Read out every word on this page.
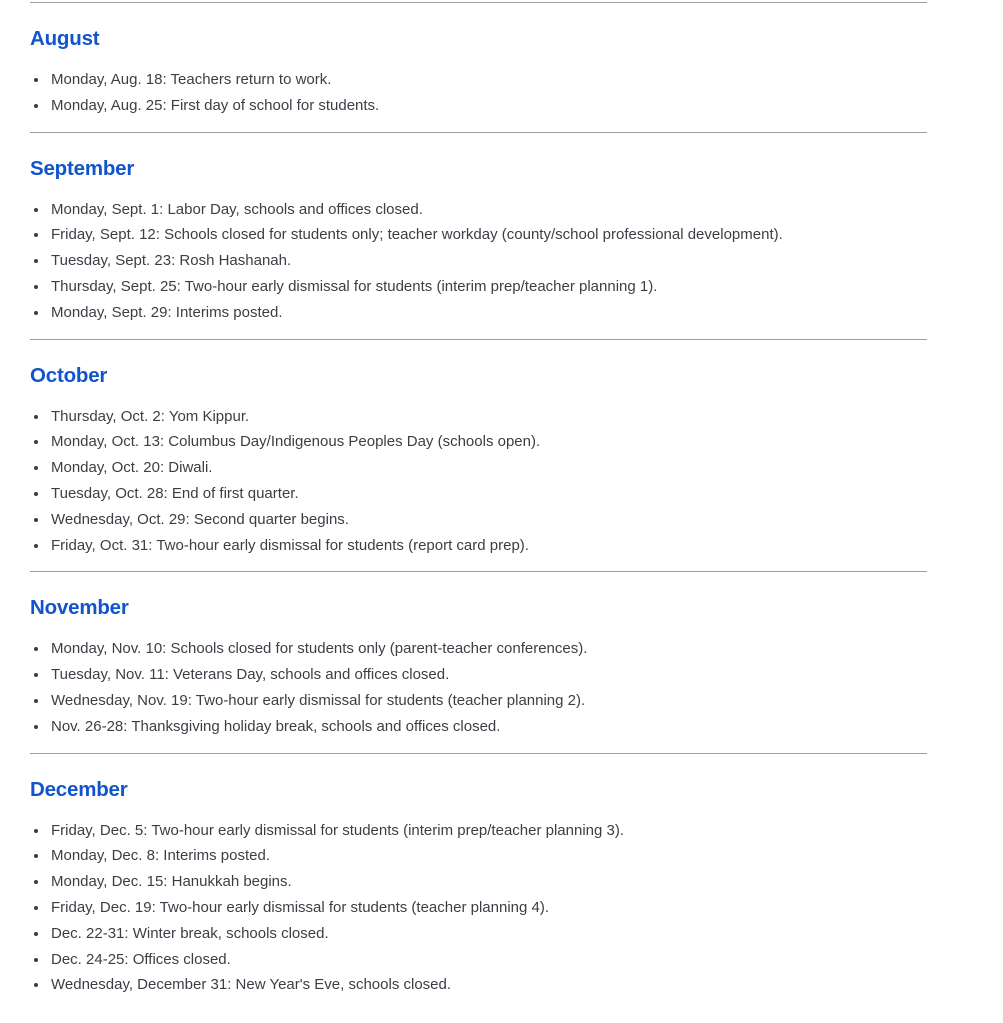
August
• Monday, Aug. 18: Teachers return to work.
• Monday, Aug. 25: First day of school for students.
September
• Monday, Sept. 1: Labor Day, schools and offices closed.
• Friday, Sept. 12: Schools closed for students only; teacher workday (county/school professional development).
• Tuesday, Sept. 23: Rosh Hashanah.
• Thursday, Sept. 25: Two-hour early dismissal for students (interim prep/teacher planning 1).
• Monday, Sept. 29: Interims posted.
October
• Thursday, Oct. 2: Yom Kippur.
• Monday, Oct. 13: Columbus Day/Indigenous Peoples Day (schools open).
• Monday, Oct. 20: Diwali.
• Tuesday, Oct. 28: End of first quarter.
• Wednesday, Oct. 29: Second quarter begins.
• Friday, Oct. 31: Two-hour early dismissal for students (report card prep).
November
• Monday, Nov. 10: Schools closed for students only (parent-teacher conferences).
• Tuesday, Nov. 11: Veterans Day, schools and offices closed.
• Wednesday, Nov. 19: Two-hour early dismissal for students (teacher planning 2).
• Nov. 26-28: Thanksgiving holiday break, schools and offices closed.
December
• Friday, Dec. 5: Two-hour early dismissal for students (interim prep/teacher planning 3).
• Monday, Dec. 8: Interims posted.
• Monday, Dec. 15: Hanukkah begins.
• Friday, Dec. 19: Two-hour early dismissal for students (teacher planning 4).
• Dec. 22-31: Winter break, schools closed.
• Dec. 24-25: Offices closed.
• Wednesday, December 31: New Year's Eve, schools closed.
